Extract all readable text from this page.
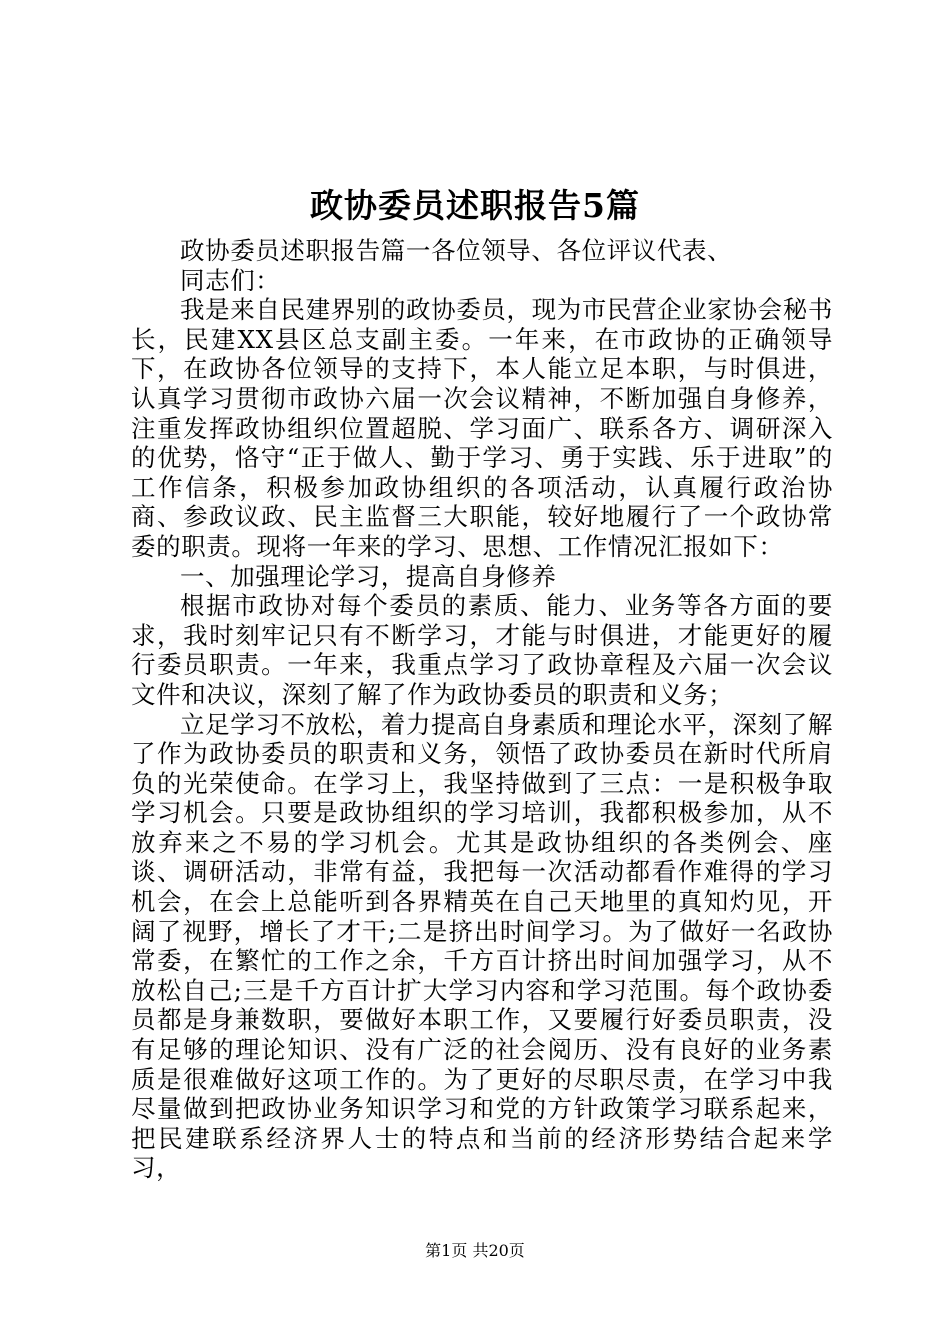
政协委员述职报告5篇

政协委员述职报告篇一各位领导、各位评议代表、

同志们：

我是来自民建界别的政协委员，现为市民营企业家协会秘书长，民建XX县区总支副主委。一年来，在市政协的正确领导下，在政协各位领导的支持下，本人能立足本职，与时俱进，认真学习贯彻市政协六届一次会议精神，不断加强自身修养，注重发挥政协组织位置超脱、学习面广、联系各方、调研深入的优势，恪守“正于做人、勤于学习、勇于实践、乐于进取”的工作信条，积极参加政协组织的各项活动，认真履行政治协商、参政议政、民主监督三大职能，较好地履行了一个政协常委的职责。现将一年来的学习、思想、工作情况汇报如下：

一、加强理论学习，提高自身修养

根据市政协对每个委员的素质、能力、业务等各方面的要求，我时刻牢记只有不断学习，才能与时俱进，才能更好的履行委员职责。一年来，我重点学习了政协章程及六届一次会议文件和决议，深刻了解了作为政协委员的职责和义务；

立足学习不放松，着力提高自身素质和理论水平，深刻了解了作为政协委员的职责和义务，领悟了政协委员在新时代所肩负的光荣使命。在学习上，我坚持做到了三点：一是积极争取学习机会。只要是政协组织的学习培训，我都积极参加，从不放弃来之不易的学习机会。尤其是政协组织的各类例会、座谈、调研活动，非常有益，我把每一次活动都看作难得的学习机会，在会上总能听到各界精英在自己天地里的真知灼见，开阔了视野，增长了才干;二是挤出时间学习。为了做好一名政协常委，在繁忙的工作之余，千方百计挤出时间加强学习，从不放松自己;三是千方百计扩大学习内容和学习范围。每个政协委员都是身兼数职，要做好本职工作，又要履行好委员职责，没有足够的理论知识、没有广泛的社会阅历、没有良好的业务素质是很难做好这项工作的。为了更好的尽职尽责，在学习中我尽量做到把政协业务知识学习和党的方针政策学习联系起来，把民建联系经济界人士的特点和当前的经济形势结合起来学习，

第1页 共20页
